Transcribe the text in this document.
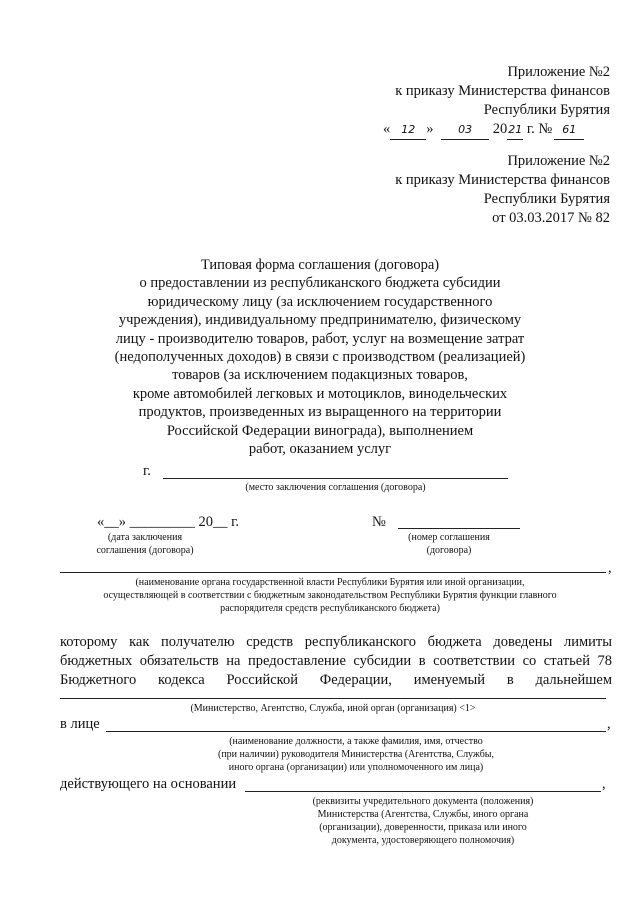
Приложение №2
к приказу Министерства финансов
Республики Бурятия
« 12 » 03 2021 г. № 61
Приложение №2
к приказу Министерства финансов
Республики Бурятия
от 03.03.2017 № 82
Типовая форма соглашения (договора)
о предоставлении из республиканского бюджета субсидии
юридическому лицу (за исключением государственного
учреждения), индивидуальному предпринимателю, физическому
лицу - производителю товаров, работ, услуг на возмещение затрат
(недополученных доходов) в связи с производством (реализацией)
товаров (за исключением подакцизных товаров,
кроме автомобилей легковых и мотоциклов, винодельческих
продуктов, произведенных из выращенного на территории
Российской Федерации винограда), выполнением
работ, оказанием услуг
г.
(место заключения соглашения (договора)
«__» _________ 20__ г.
(дата заключения
соглашения (договора)
№
(номер соглашения
(договора)
,
(наименование органа государственной власти Республики Бурятия или иной организации,
осуществляющей в соответствии с бюджетным законодательством Республики Бурятия функции главного
распорядителя средств республиканского бюджета)
которому как получателю средств республиканского бюджета доведены лимиты
бюджетных обязательств на предоставление субсидии в соответствии со статьей 78
Бюджетного кодекса Российской Федерации, именуемый в дальнейшем
(Министерство, Агентство, Служба, иной орган (организация) <1>
в лице	,
(наименование должности, а также фамилия, имя, отчество
(при наличии) руководителя Министерства (Агентства, Службы,
иного органа (организации) или уполномоченного им лица)
действующего на основании	,
(реквизиты учредительного документа (положения)
Министерства (Агентства, Службы, иного органа
(организации), доверенности, приказа или иного
документа, удостоверяющего полномочия)
